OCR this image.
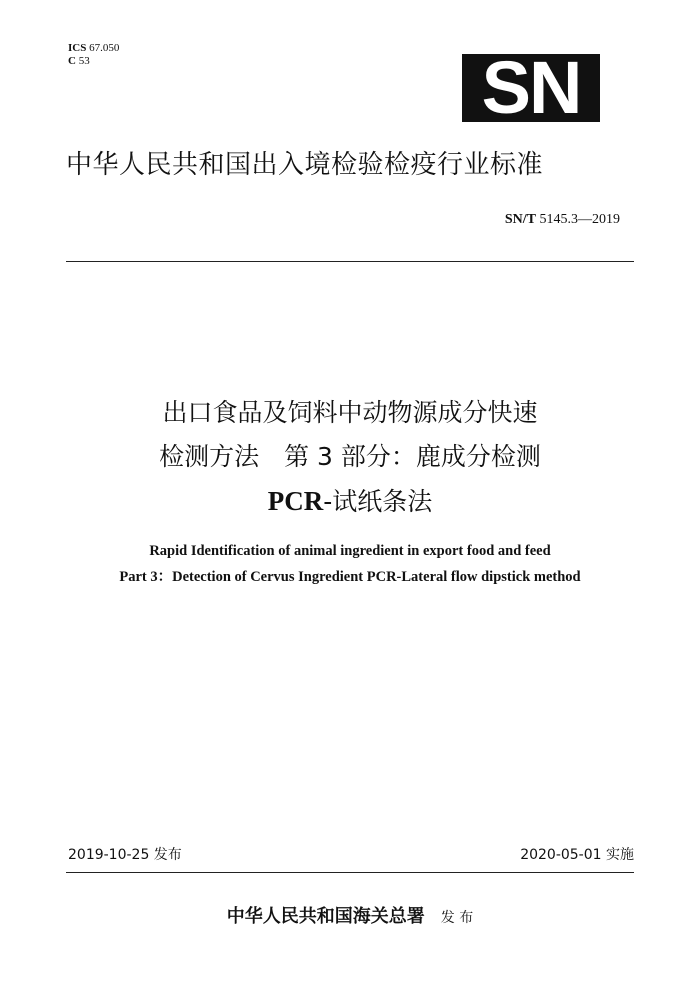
ICS 67.050
C 53	SN
中华人民共和国出入境检验检疫行业标准
SN/T 5145.3—2019
出口食品及饲料中动物源成分快速
检测方法　第 3 部分：鹿成分检测
PCR-试纸条法
Rapid Identification of animal ingredient in export food and feed
Part 3：Detection of Cervus Ingredient PCR-Lateral flow dipstick method
2019-10-25 发布	2020-05-01 实施
中华人民共和国海关总署 发 布
